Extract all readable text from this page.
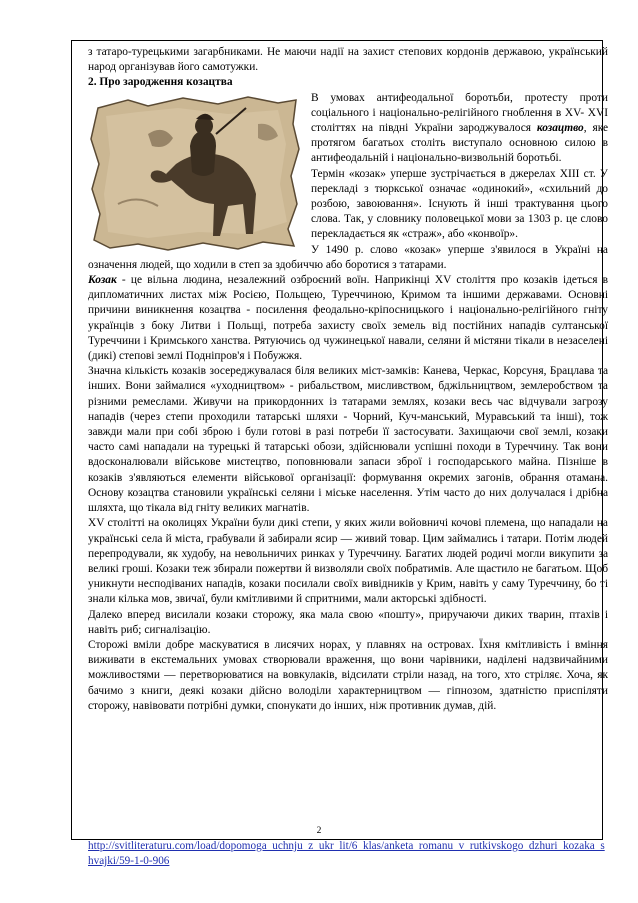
з татаро-турецькими загарбниками. Не маючи надії на захист степових кордонів державою, український народ організував його самотужки.

2. Про зародження козацтва

В умовах антифеодальної боротьби, протесту проти соціального і національно-релігійного гноблення в XV- XVI століттях на півдні України зароджувалося козацтво, яке протягом багатьох століть виступало основною силою в антифеодальній і національно-визвольній боротьбі.

Термін «козак» уперше зустрічається в джерелах XIII ст. У перекладі з тюркської означає «одинокий», «схильний до розбою, завоювання». Існують й інші трактування цього слова. Так, у словнику половецької мови за 1303 р. це слово перекладається як «страж», або «конвоїр».

У 1490 р. слово «козак» уперше з'явилося в Україні на означення людей, що ходили в степ за здобиччю або боротися з татарами.

Козак - це вільна людина, незалежний озброєний воїн. Наприкінці XV століття про козаків ідеться в дипломатичних листах між Росією, Польщею, Туреччиною, Кримом та іншими державами. Основні причини виникнення козацтва - посилення феодально-кріпосницького і національно-релігійного гніту українців з боку Литви і Польщі, потреба захисту своїх земель від постійних нападів султанської Туреччини і Кримського ханства. Рятуючись од чужинецької навали, селяни й містяни тікали в незаселені (дикі) степові землі Подніпров'я і Побужжя.

Значна кількість козаків зосереджувалася біля великих міст-замків: Канева, Черкас, Корсуня, Брацлава та інших. Вони займалися «уходництвом» - рибальством, мисливством, бджільництвом, землеробством та різними ремеслами. Живучи на прикордонних із татарами землях, козаки весь час відчували загрозу нападів (через степи проходили татарські шляхи - Чорний, Куч-манський, Муравський та інші), тож завжди мали при собі зброю і були готові в разі потреби її застосувати. Захищаючи свої землі, козаки часто самі нападали на турецькі й татарські обози, здійснювали успішні походи в Туреччину. Так вони вдосконалювали військове мистецтво, поповнювали запаси зброї і господарського майна. Пізніше в козаків з'являються елементи військової організації: формування окремих загонів, обрання отамана. Основу козацтва становили українські селяни і міське населення. Утім часто до них долучалася і дрібна шляхта, що тікала від гніту великих магнатів.

XV столітті на околицях України були дикі степи, у яких жили войовничі кочові племена, що нападали на українські села й міста, грабували й забирали ясир — живий товар. Цим займались і татари. Потім людей перепродували, як худобу, на невольничих ринках у Туреччину. Багатих людей родичі могли викупити за великі гроші. Козаки теж збирали пожертви й визволяли своїх побратимів. Але щастило не багатьом. Щоб уникнути несподіваних нападів, козаки посилали своїх вивідників у Крим, навіть у саму Туреччину, бо ті знали кілька мов, звичаї, були кмітливими й спритними, мали акторські здібності.

Далеко вперед висилали козаки сторожу, яка мала свою «пошту», приручаючи диких тварин, птахів і навіть риб; сигналізацію.

Сторожі вміли добре маскуватися в лисячих норах, у плавнях на островах. Їхня кмітливість і вміння виживати в екстемальних умовах створювали враження, що вони чарівники, наділені надзвичайними можливостями — перетворюватися на вовкулаків, відсилати стріли назад, на того, хто стріляє. Хоча, як бачимо з книги, деякі козаки дійсно володіли характерництвом — гіпнозом, здатністю приспіляти сторожу, навівовати потрібні думки, спонукати до інших, ніж противник думав, дій.

2
http://svitliteraturu.com/load/dopomoga_uchnju_z_ukr_lit/6_klas/anketa_romanu_v_rutkivskogo_dzhuri_kozaka_shvajki/59-1-0-906
